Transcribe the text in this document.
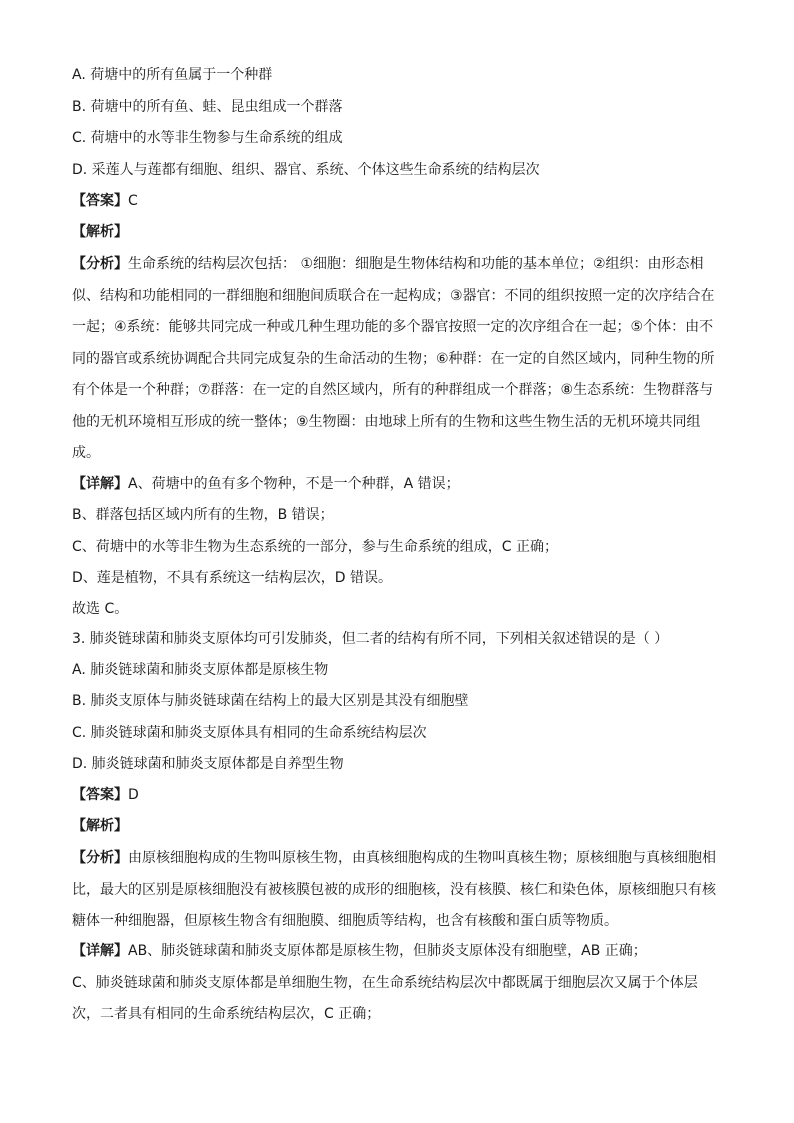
A. 荷塘中的所有鱼属于一个种群
B. 荷塘中的所有鱼、蛙、昆虫组成一个群落
C. 荷塘中的水等非生物参与生命系统的组成
D. 采莲人与莲都有细胞、组织、器官、系统、个体这些生命系统的结构层次
【答案】C
【解析】
【分析】生命系统的结构层次包括： ①细胞：细胞是生物体结构和功能的基本单位；②组织：由形态相
似、结构和功能相同的一群细胞和细胞间质联合在一起构成；③器官：不同的组织按照一定的次序结合在
一起；④系统：能够共同完成一种或几种生理功能的多个器官按照一定的次序组合在一起；⑤个体：由不
同的器官或系统协调配合共同完成复杂的生命活动的生物；⑥种群：在一定的自然区域内，同种生物的所
有个体是一个种群；⑦群落：在一定的自然区域内，所有的种群组成一个群落；⑧生态系统：生物群落与
他的无机环境相互形成的统一整体；⑨生物圈：由地球上所有的生物和这些生物生活的无机环境共同组
成。
【详解】A、荷塘中的鱼有多个物种，不是一个种群，A 错误；
B、群落包括区域内所有的生物，B 错误；
C、荷塘中的水等非生物为生态系统的一部分，参与生命系统的组成，C 正确；
D、莲是植物，不具有系统这一结构层次，D 错误。
故选 C。
3. 肺炎链球菌和肺炎支原体均可引发肺炎，但二者的结构有所不同，下列相关叙述错误的是（ ）
A. 肺炎链球菌和肺炎支原体都是原核生物
B. 肺炎支原体与肺炎链球菌在结构上的最大区别是其没有细胞壁
C. 肺炎链球菌和肺炎支原体具有相同的生命系统结构层次
D. 肺炎链球菌和肺炎支原体都是自养型生物
【答案】D
【解析】
【分析】由原核细胞构成的生物叫原核生物，由真核细胞构成的生物叫真核生物；原核细胞与真核细胞相
比，最大的区别是原核细胞没有被核膜包被的成形的细胞核，没有核膜、核仁和染色体，原核细胞只有核
糖体一种细胞器，但原核生物含有细胞膜、细胞质等结构，也含有核酸和蛋白质等物质。
【详解】AB、肺炎链球菌和肺炎支原体都是原核生物，但肺炎支原体没有细胞壁，AB 正确；
C、肺炎链球菌和肺炎支原体都是单细胞生物，在生命系统结构层次中都既属于细胞层次又属于个体层
次，二者具有相同的生命系统结构层次，C 正确；
